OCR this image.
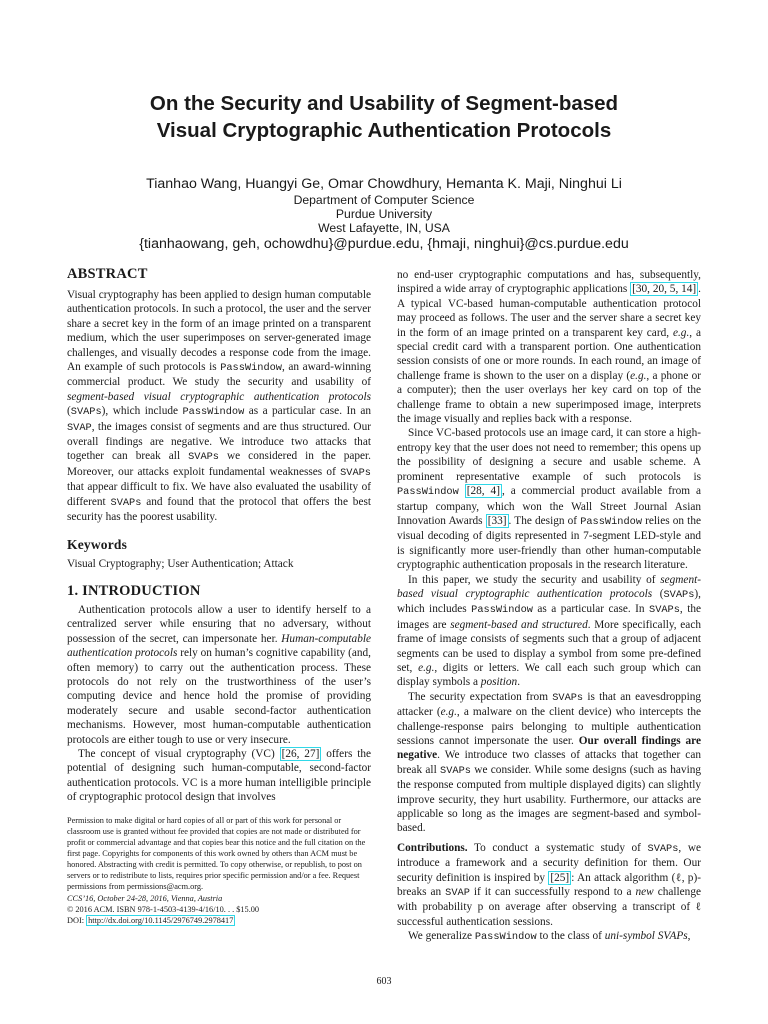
On the Security and Usability of Segment-based
Visual Cryptographic Authentication Protocols
Tianhao Wang, Huangyi Ge, Omar Chowdhury, Hemanta K. Maji, Ninghui Li
Department of Computer Science
Purdue University
West Lafayette, IN, USA
{tianhaowang, geh, ochowdhu}@purdue.edu, {hmaji, ninghui}@cs.purdue.edu
ABSTRACT

Visual cryptography has been applied to design human computable authentication protocols. In such a protocol, the user and the server share a secret key in the form of an image printed on a transparent medium, which the user superimposes on server-generated image challenges, and visually decodes a response code from the image. An example of such protocols is PassWindow, an award-winning commercial product. We study the security and usability of segment-based visual cryptographic authentication protocols (SVAPs), which include PassWindow as a particular case. In an SVAP, the images consist of segments and are thus structured. Our overall findings are negative. We introduce two attacks that together can break all SVAPs we considered in the paper. Moreover, our attacks exploit fundamental weaknesses of SVAPs that appear difficult to fix. We have also evaluated the usability of different SVAPs and found that the protocol that offers the best security has the poorest usability.

Keywords

Visual Cryptography; User Authentication; Attack

1. INTRODUCTION

Authentication protocols allow a user to identify herself to a centralized server while ensuring that no adversary, without possession of the secret, can impersonate her. Human-computable authentication protocols rely on human’s cognitive capability (and, often memory) to carry out the authentication process. These protocols do not rely on the trustworthiness of the user’s computing device and hence hold the promise of providing moderately secure and usable second-factor authentication mechanisms. However, most human-computable authentication protocols are either tough to use or very insecure.

The concept of visual cryptography (VC) [26, 27] offers the potential of designing such human-computable, second-factor authentication protocols. VC is a more human intelligible principle of cryptographic protocol design that involves

Permission to make digital or hard copies of all or part of this work for personal or classroom use is granted without fee provided that copies are not made or distributed for profit or commercial advantage and that copies bear this notice and the full citation on the first page. Copyrights for components of this work owned by others than ACM must be honored. Abstracting with credit is permitted. To copy otherwise, or republish, to post on servers or to redistribute to lists, requires prior specific permission and/or a fee. Request permissions from permissions@acm.org.

CCS’16, October 24-28, 2016, Vienna, Austria

© 2016 ACM. ISBN 978-1-4503-4139-4/16/10. . . $15.00

DOI: http://dx.doi.org/10.1145/2976749.2978417

no end-user cryptographic computations and has, subsequently, inspired a wide array of cryptographic applications [30, 20, 5, 14] . A typical VC-based human-computable authentication protocol may proceed as follows. The user and the server share a secret key in the form of an image printed on a transparent key card, e.g., a special credit card with a transparent portion. One authentication session consists of one or more rounds. In each round, an image of challenge frame is shown to the user on a display (e.g., a phone or a computer); then the user overlays her key card on top of the challenge frame to obtain a new superimposed image, interprets the image visually and replies back with a response.

Since VC-based protocols use an image card, it can store a high-entropy key that the user does not need to remember; this opens up the possibility of designing a secure and usable scheme. A prominent representative example of such protocols is PassWindow [28, 4] , a commercial product available from a startup company, which won the Wall Street Journal Asian Innovation Awards [33] . The design of PassWindow relies on the visual decoding of digits represented in 7-segment LED-style and is significantly more user-friendly than other human-computable cryptographic authentication proposals in the research literature.

In this paper, we study the security and usability of segment-based visual cryptographic authentication protocols (SVAPs), which includes PassWindow as a particular case. In SVAPs, the images are segment-based and structured. More specifically, each frame of image consists of segments such that a group of adjacent segments can be used to display a symbol from some pre-defined set, e.g., digits or letters. We call each such group which can display symbols a position.

The security expectation from SVAPs is that an eavesdropping attacker (e.g., a malware on the client device) who intercepts the challenge-response pairs belonging to multiple authentication sessions cannot impersonate the user. Our overall findings are negative. We introduce two classes of attacks that together can break all SVAPs we consider. While some designs (such as having the response computed from multiple displayed digits) can slightly improve security, they hurt usability. Furthermore, our attacks are applicable so long as the images are segment-based and symbol-based.

Contributions. To conduct a systematic study of SVAPs, we introduce a framework and a security definition for them. Our security definition is inspired by [25] : An attack algorithm (ℓ, p)-breaks an SVAP if it can successfully respond to a new challenge with probability p on average after observing a transcript of ℓ successful authentication sessions.

We generalize PassWindow to the class of uni-symbol SVAPs,

603
